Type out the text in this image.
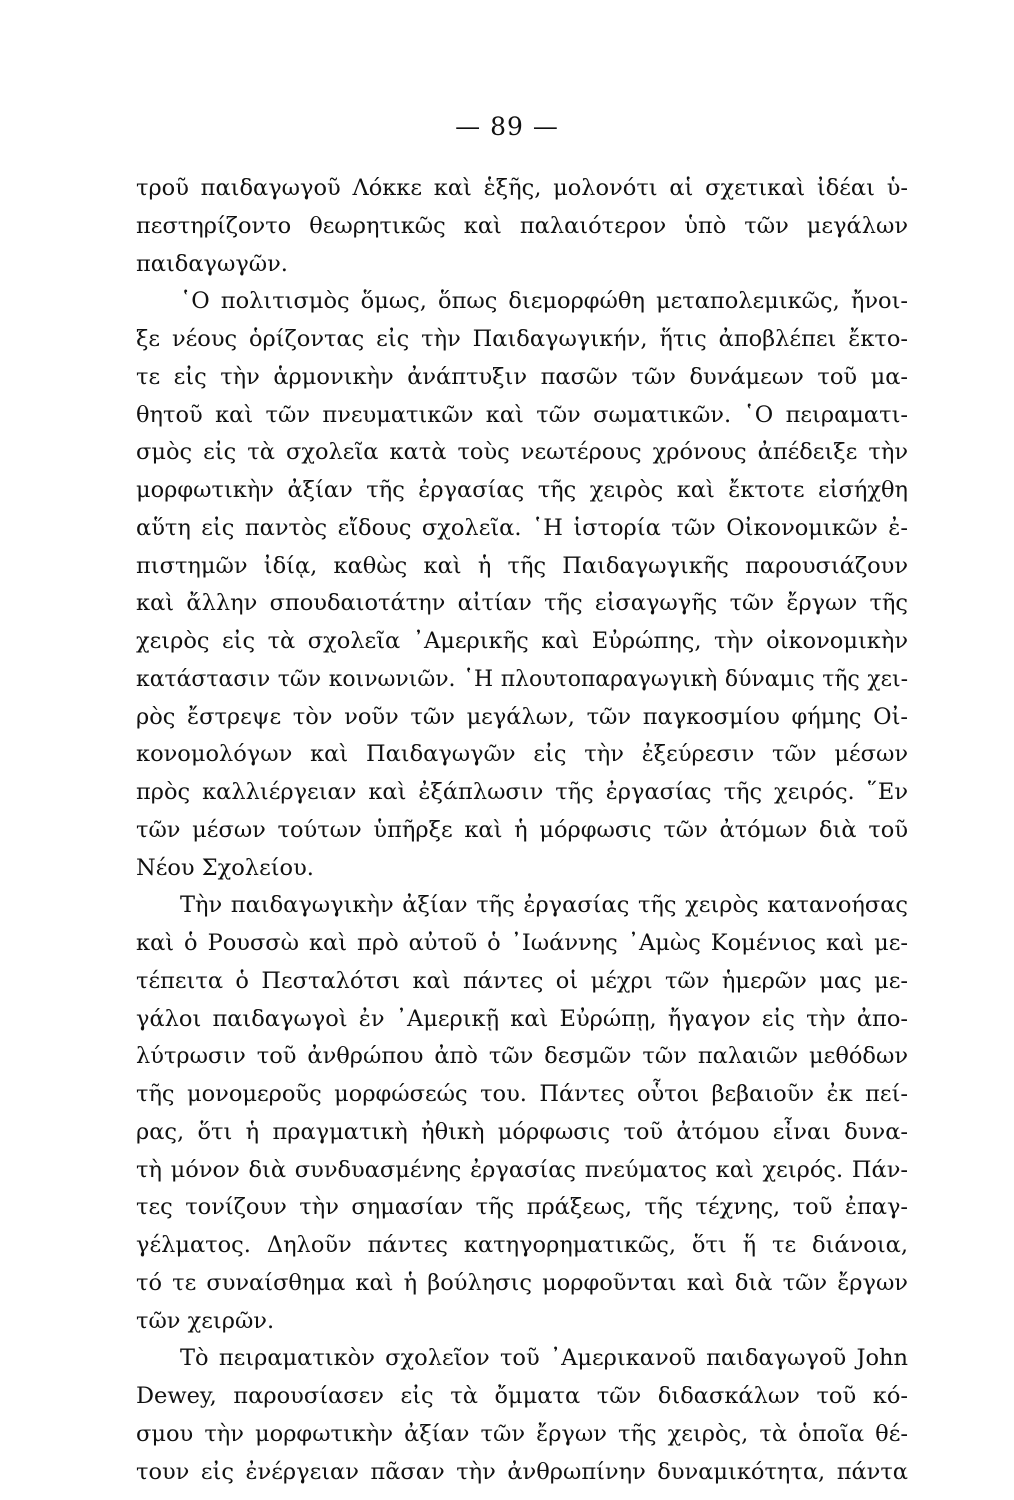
— 89 —
τροῦ παιδαγωγοῦ Λόκκε καὶ ἑξῆς, μολονότι αἱ σχετικαὶ ἰδέαι ὑ-
πεστηρίζοντο θεωρητικῶς καὶ παλαιότερον ὑπὸ τῶν μεγάλων
παιδαγωγῶν.
῾Ο πολιτισμὸς ὅμως, ὅπως διεμορφώθη μεταπολεμικῶς, ἤνοι-
ξε νέους ὁρίζοντας εἰς τὴν Παιδαγωγικήν, ἥτις ἀποβλέπει ἔκτο-
τε εἰς τὴν ἁρμονικὴν ἀνάπτυξιν πασῶν τῶν δυνάμεων τοῦ μα-
θητοῦ καὶ τῶν πνευματικῶν καὶ τῶν σωματικῶν. ῾Ο πειραματι-
σμὸς εἰς τὰ σχολεῖα κατὰ τοὺς νεωτέρους χρόνους ἀπέδειξε τὴν
μορφωτικὴν ἀξίαν τῆς ἐργασίας τῆς χειρὸς καὶ ἔκτοτε εἰσήχθη
αὕτη εἰς παντὸς εἴδους σχολεῖα. ῾Η ἱστορία τῶν Οἰκονομικῶν ἐ-
πιστημῶν ἰδίᾳ, καθὼς καὶ ἡ τῆς Παιδαγωγικῆς παρουσιάζουν
καὶ ἄλλην σπουδαιοτάτην αἰτίαν τῆς εἰσαγωγῆς τῶν ἔργων τῆς
χειρὸς εἰς τὰ σχολεῖα ᾿Αμερικῆς καὶ Εὐρώπης, τὴν οἰκονομικὴν
κατάστασιν τῶν κοινωνιῶν. ῾Η πλουτοπαραγωγικὴ δύναμις τῆς χει-
ρὸς ἔστρεψε τὸν νοῦν τῶν μεγάλων, τῶν παγκοσμίου φήμης Οἰ-
κονομολόγων καὶ Παιδαγωγῶν εἰς τὴν ἐξεύρεσιν τῶν μέσων
πρὸς καλλιέργειαν καὶ ἐξάπλωσιν τῆς ἐργασίας τῆς χειρός. ῞Εν
τῶν μέσων τούτων ὑπῆρξε καὶ ἡ μόρφωσις τῶν ἀτόμων διὰ τοῦ
Νέου Σχολείου.
Τὴν παιδαγωγικὴν ἀξίαν τῆς ἐργασίας τῆς χειρὸς κατανοήσας
καὶ ὁ Ρουσσὼ καὶ πρὸ αὐτοῦ ὁ ᾿Ιωάννης ᾿Αμὼς Κομένιος καὶ με-
τέπειτα ὁ Πεσταλότσι καὶ πάντες οἱ μέχρι τῶν ἡμερῶν μας με-
γάλοι παιδαγωγοὶ ἐν ᾿Αμερικῇ καὶ Εὐρώπῃ, ἤγαγον εἰς τὴν ἀπο-
λύτρωσιν τοῦ ἀνθρώπου ἀπὸ τῶν δεσμῶν τῶν παλαιῶν μεθόδων
τῆς μονομεροῦς μορφώσεώς του. Πάντες οὗτοι βεβαιοῦν ἐκ πεί-
ρας, ὅτι ἡ πραγματικὴ ἠθικὴ μόρφωσις τοῦ ἀτόμου εἶναι δυνα-
τὴ μόνον διὰ συνδυασμένης ἐργασίας πνεύματος καὶ χειρός. Πάν-
τες τονίζουν τὴν σημασίαν τῆς πράξεως, τῆς τέχνης, τοῦ ἐπαγ-
γέλματος. Δηλοῦν πάντες κατηγορηματικῶς, ὅτι ἥ τε διάνοια,
τό τε συναίσθημα καὶ ἡ βούλησις μορφοῦνται καὶ διὰ τῶν ἔργων
τῶν χειρῶν.
Τὸ πειραματικὸν σχολεῖον τοῦ ᾿Αμερικανοῦ παιδαγωγοῦ John
Dewey, παρουσίασεν εἰς τὰ ὄμματα τῶν διδασκάλων τοῦ κό-
σμου τὴν μορφωτικὴν ἀξίαν τῶν ἔργων τῆς χειρὸς, τὰ ὁποῖα θέ-
τουν εἰς ἐνέργειαν πᾶσαν τὴν ἀνθρωπίνην δυναμικότητα, πάντα
